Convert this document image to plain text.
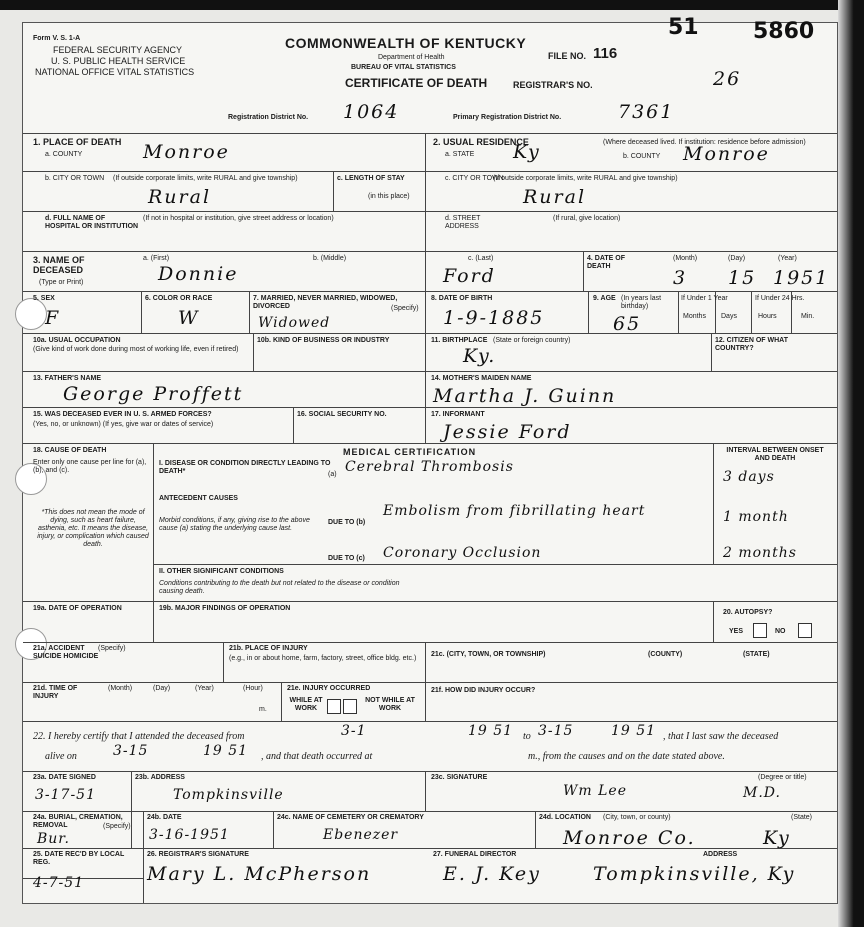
Form V. S. 1-A
FEDERAL SECURITY AGENCY
U. S. PUBLIC HEALTH SERVICE
NATIONAL OFFICE VITAL STATISTICS
COMMONWEALTH OF KENTUCKY
Department of Health
BUREAU OF VITAL STATISTICS
CERTIFICATE OF DEATH
FILE NO. 116
REGISTRAR'S NO.	26
51 5860
Registration District No. 1064	Primary Registration District No.	7361
1. PLACE OF DEATH
a. COUNTY	Monroe
b. CITY OR TOWN	(If outside corporate limits, write RURAL and give township)
Rural
c. LENGTH OF STAY
(in this place)
d. FULL NAME OF HOSPITAL OR INSTITUTION
(If not in hospital or institution, give street address or location)
2. USUAL RESIDENCE	(Where deceased lived. If institution: residence before admission)
a. STATE Ky	b. COUNTY Monroe
c. CITY OR TOWN
(If outside corporate limits, write RURAL and give township)
Rural
d. STREET ADDRESS
(If rural, give location)
3. NAME OF DECEASED
(Type or Print)
a. (First)
Donnie
b. (Middle)	c. (Last)
Ford
4. DATE OF DEATH
(Month)	(Day)	(Year)
3 15 1951
5. SEX
F
6. COLOR OR RACE
W
7. MARRIED, NEVER MARRIED, WIDOWED, DIVORCED	(Specify)
Widowed
8. DATE OF BIRTH
1-9-1885
9. AGE (In years last birthday)
65
If Under 1 Year	If Under 24 Hrs.
Months Days	Hours	Min.
10a. USUAL OCCUPATION
(Give kind of work done during most of working life, even if retired)
10b. KIND OF BUSINESS OR INDUSTRY	11. BIRTHPLACE (State or foreign country)
Ky.
12. CITIZEN OF WHAT COUNTRY?
13. FATHER'S NAME
George Proffett
14. MOTHER'S MAIDEN NAME
Martha J. Guinn
15. WAS DECEASED EVER IN U. S. ARMED FORCES?
(Yes, no, or unknown) (If yes, give war or dates of service)
16. SOCIAL SECURITY NO.	17. INFORMANT
Jessie Ford
18. CAUSE OF DEATH
Enter only one cause per line for (a), (b), and (c).
*This does not mean the mode of dying, such as heart failure, asthenia, etc. It means the disease, injury, or complication which caused death.
MEDICAL CERTIFICATION
I. DISEASE OR CONDITION DIRECTLY LEADING TO DEATH*	(a) Cerebral Thrombosis
INTERVAL BETWEEN ONSET AND DEATH
3 days
ANTECEDENT CAUSES
Morbid conditions, if any, giving rise to the above cause (a) stating the underlying cause last.
DUE TO (b)
Embolism from fibrillating heart	1 month
DUE TO (c) Coronary Occlusion	2 months
II. OTHER SIGNIFICANT CONDITIONS
Conditions contributing to the death but not related to the disease or condition causing death.
19a. DATE OF OPERATION	19b. MAJOR FINDINGS OF OPERATION
20. AUTOPSY?
YES	NO
21a. ACCIDENT SUICIDE HOMICIDE
(Specify)	21b. PLACE OF INJURY
(e.g., in or about home, farm, factory, street, office bldg. etc.)
21c. (CITY, TOWN, OR TOWNSHIP)	(COUNTY)	(STATE)
21d. TIME OF INJURY
(Month)	(Day)	(Year)	(Hour)
m.
21e. INJURY OCCURRED
WHILE AT WORK
NOT WHILE AT WORK
21f. HOW DID INJURY OCCUR?
22. I hereby certify that I attended the deceased from	3-1	19 51 to 3-15	19 51 , that I last saw the deceased
alive on	3-15	19 51 , and that death occurred at	m., from the causes and on the date stated above.
23a. DATE SIGNED
3-17-51
23b. ADDRESS
Tompkinsville
23c. SIGNATURE	(Degree or title)
Wm Lee	M.D.
24a. BURIAL, CREMATION, REMOVAL	(Specify)
Bur.
24b. DATE
3-16-1951
24c. NAME OF CEMETERY OR CREMATORY
Ebenezer
24d. LOCATION (City, town, or county)	(State)
Monroe Co.	Ky
25. DATE REC'D BY LOCAL REG.
4-7-51
26. REGISTRAR'S SIGNATURE
Mary L. McPherson
27. FUNERAL DIRECTOR
E. J. Key
ADDRESS
Tompkinsville, Ky
